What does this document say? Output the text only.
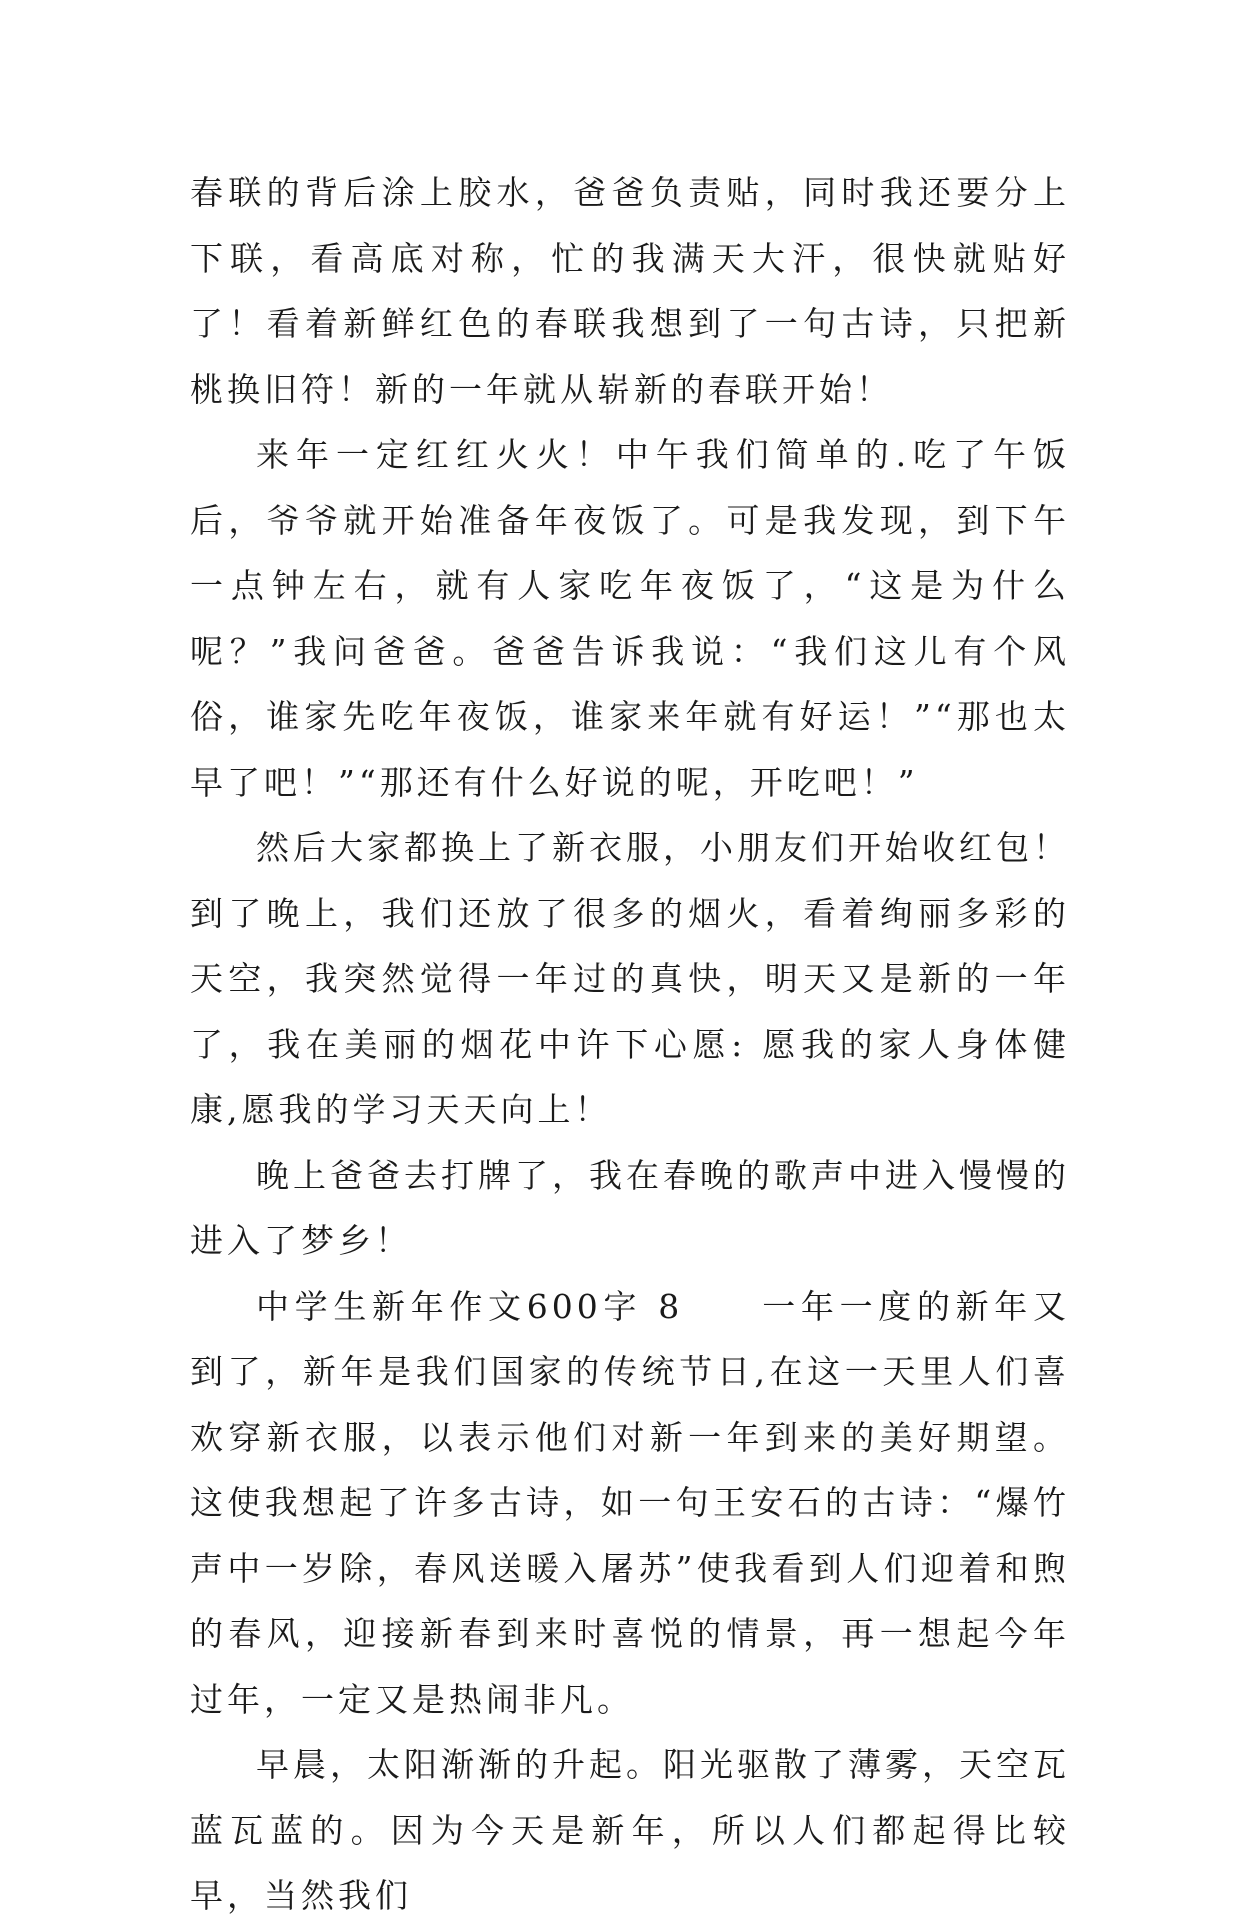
春联的背后涂上胶水，爸爸负责贴，同时我还要分上下联，看高底对称，忙的我满天大汗，很快就贴好了！看着新鲜红色的春联我想到了一句古诗，只把新桃换旧符！新的一年就从崭新的春联开始！

来年一定红红火火！中午我们简单的.吃了午饭后，爷爷就开始准备年夜饭了。可是我发现，到下午一点钟左右，就有人家吃年夜饭了，“这是为什么呢？”我问爸爸。爸爸告诉我说：“我们这儿有个风俗，谁家先吃年夜饭，谁家来年就有好运！”“那也太早了吧！”“那还有什么好说的呢，开吃吧！”

然后大家都换上了新衣服，小朋友们开始收红包！到了晚上，我们还放了很多的烟火，看着绚丽多彩的天空，我突然觉得一年过的真快，明天又是新的一年了，我在美丽的烟花中许下心愿: 愿我的家人身体健康,愿我的学习天天向上！

晚上爸爸去打牌了，我在春晚的歌声中进入慢慢的进入了梦乡！

中学生新年作文600字 8　　一年一度的新年又到了，新年是我们国家的传统节日,在这一天里人们喜欢穿新衣服，以表示他们对新一年到来的美好期望。这使我想起了许多古诗，如一句王安石的古诗：“爆竹声中一岁除，春风送暖入屠苏”使我看到人们迎着和煦的春风，迎接新春到来时喜悦的情景，再一想起今年过年，一定又是热闹非凡。

早晨，太阳渐渐的升起。阳光驱散了薄雾，天空瓦蓝瓦蓝的。因为今天是新年，所以人们都起得比较早，当然我们
